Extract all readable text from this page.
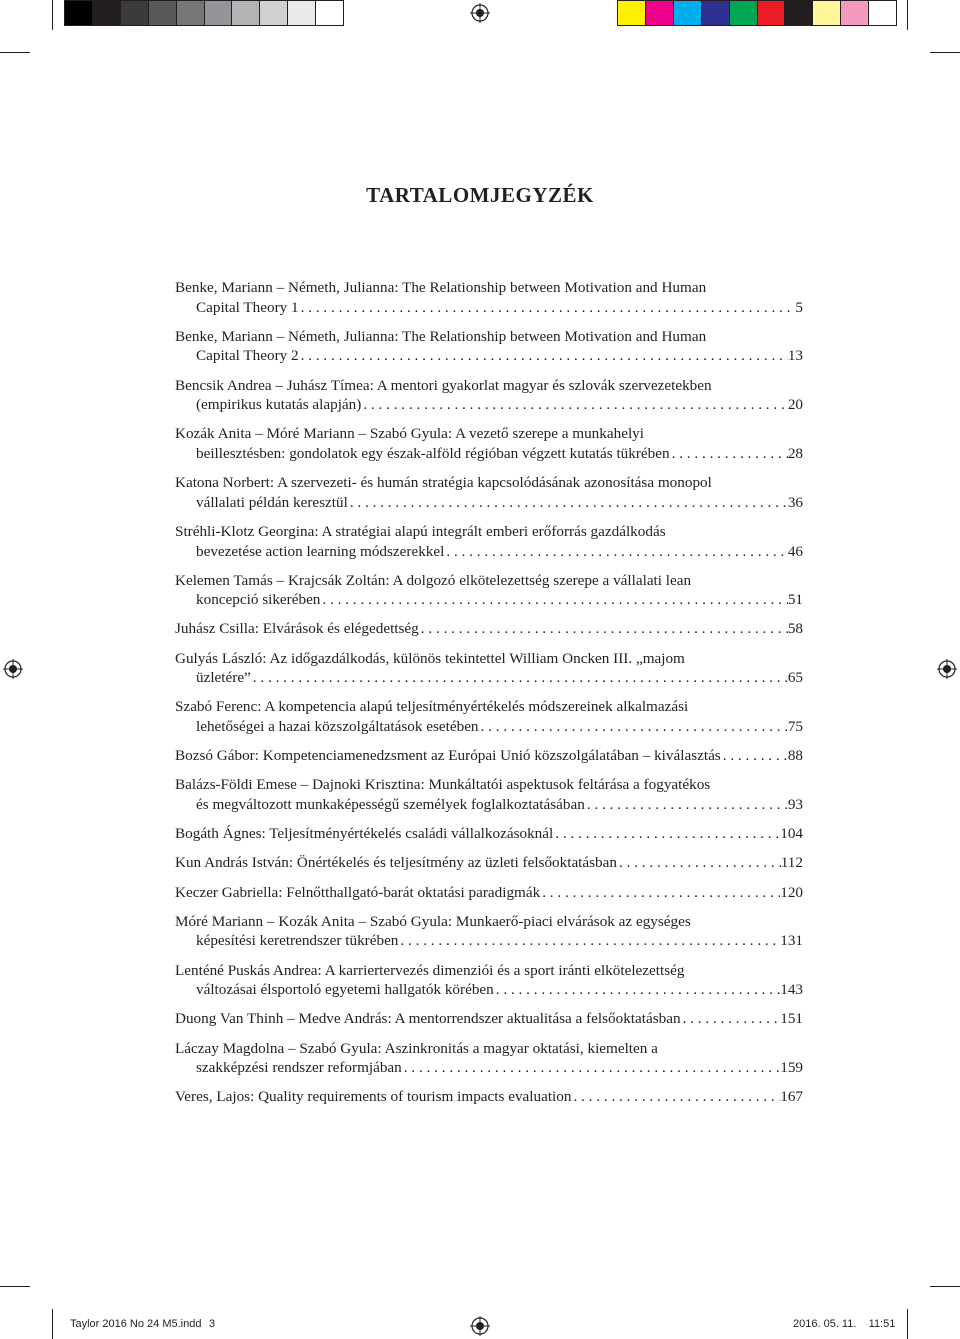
TARTALOMJEGYZÉK
Benke, Mariann – Németh, Julianna: The Relationship between Motivation and Human
Capital Theory 1 . . .	5
Benke, Mariann – Németh, Julianna: The Relationship between Motivation and Human
Capital Theory 2 . . .	13
Bencsik Andrea – Juhász Tímea: A mentori gyakorlat magyar és szlovák szervezetekben
(empirikus kutatás alapján) . . .	20
Kozák Anita – Móré Mariann – Szabó Gyula: A vezető szerepe a munkahelyi
beillesztésben: gondolatok egy észak-alföld régióban végzett kutatás tükrében . . .	28
Katona Norbert: A szervezeti- és humán stratégia kapcsolódásának azonosítása monopol
vállalati példán keresztül . . .	36
Stréhli-Klotz Georgina: A stratégiai alapú integrált emberi erőforrás gazdálkodás
bevezetése action learning módszerekkel . . .	46
Kelemen Tamás – Krajcsák Zoltán: A dolgozó elkötelezettség szerepe a vállalati lean
koncepció sikerében . . .	51
Juhász Csilla: Elvárások és elégedettség . . .	58
Gulyás László: Az időgazdálkodás, különös tekintettel William Oncken III. „majom
üzletére” . . .	65
Szabó Ferenc: A kompetencia alapú teljesítményértékelés módszereinek alkalmazási
lehetőségei a hazai közszolgáltatások esetében . . .	75
Bozsó Gábor: Kompetenciamenedzsment az Európai Unió közszolgálatában – kiválasztás . . .	88
Balázs-Földi Emese – Dajnoki Krisztina: Munkáltatói aspektusok feltárása a fogyatékos
és megváltozott munkaképességű személyek foglalkoztatásában . . .	93
Bogáth Ágnes: Teljesítményértékelés családi vállalkozásoknál . . .	104
Kun András István: Önértékelés és teljesítmény az üzleti felsőoktatásban . . .	112
Keczer Gabriella: Felnőtthallgató-barát oktatási paradigmák . . .	120
Móré Mariann – Kozák Anita – Szabó Gyula: Munkaerő-piaci elvárások az egységes
képesítési keretrendszer tükrében . . .	131
Lenténé Puskás Andrea: A karriertervezés dimenziói és a sport iránti elkötelezettség
változásai élsportoló egyetemi hallgatók körében . . .	143
Duong Van Thinh – Medve András: A mentorrendszer aktualitása a felsőoktatásban . . .	151
Láczay Magdolna – Szabó Gyula: Aszinkronitás a magyar oktatási, kiemelten a
szakképzési rendszer reformjában . . .	159
Veres, Lajos: Quality requirements of tourism impacts evaluation . . .	167
Taylor 2016 No 24 M5.indd 3	2016. 05. 11. 11:51
